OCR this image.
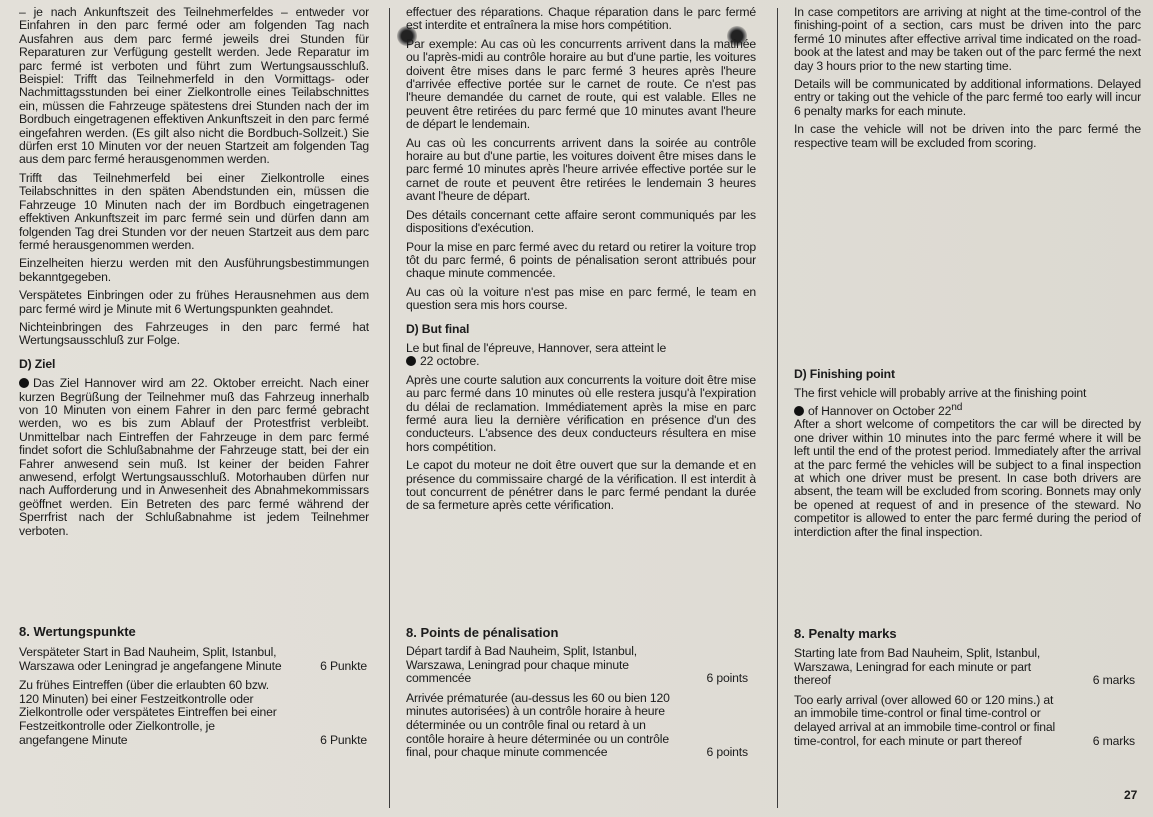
– je nach Ankunftszeit des Teilnehmerfeldes – entweder vor Einfahren in den parc fermé oder am folgenden Tag nach Ausfahren aus dem parc fermé jeweils drei Stunden für Reparaturen zur Verfügung gestellt werden. Jede Reparatur im parc fermé ist verboten und führt zum Wertungsausschluß. Beispiel: Trifft das Teilnehmerfeld in den Vormittags- oder Nachmittagsstunden bei einer Zielkontrolle eines Teilabschnittes ein, müssen die Fahrzeuge spätestens drei Stunden nach der im Bordbuch eingetragenen effektiven Ankunftszeit in den parc fermé eingefahren werden. (Es gilt also nicht die Bordbuch-Sollzeit.) Sie dürfen erst 10 Minuten vor der neuen Startzeit am folgenden Tag aus dem parc fermé herausgenommen werden.

Trifft das Teilnehmerfeld bei einer Zielkontrolle eines Teilabschnittes in den späten Abendstunden ein, müssen die Fahrzeuge 10 Minuten nach der im Bordbuch eingetragenen effektiven Ankunftszeit im parc fermé sein und dürfen dann am folgenden Tag drei Stunden vor der neuen Startzeit aus dem parc fermé herausgenommen werden.

Einzelheiten hierzu werden mit den Ausführungsbestimmungen bekanntgegeben.

Verspätetes Einbringen oder zu frühes Herausnehmen aus dem parc fermé wird je Minute mit 6 Wertungspunkten geahndet.

Nichteinbringen des Fahrzeuges in den parc fermé hat Wertungsausschluß zur Folge.

D) Ziel

Das Ziel Hannover wird am 22. Oktober erreicht. Nach einer kurzen Begrüßung der Teilnehmer muß das Fahrzeug innerhalb von 10 Minuten von einem Fahrer in den parc fermé gebracht werden, wo es bis zum Ablauf der Protestfrist verbleibt. Unmittelbar nach Eintreffen der Fahrzeuge in dem parc fermé findet sofort die Schlußabnahme der Fahrzeuge statt, bei der ein Fahrer anwesend sein muß. Ist keiner der beiden Fahrer anwesend, erfolgt Wertungsausschluß. Motorhauben dürfen nur nach Aufforderung und in Anwesenheit des Abnahmekommissars geöffnet werden. Ein Betreten des parc fermé während der Sperrfrist nach der Schlußabnahme ist jedem Teilnehmer verboten.

effectuer des réparations. Chaque réparation dans le parc fermé est interdite et entraînera la mise hors compétition.

Par exemple: Au cas où les concurrents arrivent dans la matinée ou l'après-midi au contrôle horaire au but d'une partie, les voitures doivent être mises dans le parc fermé 3 heures après l'heure d'arrivée effective portée sur le carnet de route. Ce n'est pas l'heure demandée du carnet de route, qui est valable. Elles ne peuvent être retirées du parc fermé que 10 minutes avant l'heure de départ le lendemain.

Au cas où les concurrents arrivent dans la soirée au contrôle horaire au but d'une partie, les voitures doivent être mises dans le parc fermé 10 minutes après l'heure arrivée effective portée sur le carnet de route et peuvent être retirées le lendemain 3 heures avant l'heure de départ.

Des détails concernant cette affaire seront communiqués par les dispositions d'exécution.

Pour la mise en parc fermé avec du retard ou retirer la voiture trop tôt du parc fermé, 6 points de pénalisation seront attribués pour chaque minute commencée.

Au cas où la voiture n'est pas mise en parc fermé, le team en question sera mis hors course.

D) But final

Le but final de l'épreuve, Hannover, sera atteint le
22 octobre.

Après une courte salution aux concurrents la voiture doit être mise au parc fermé dans 10 minutes où elle restera jusqu'à l'expiration du délai de reclamation. Immédiatement après la mise en parc fermé aura lieu la dernière vérification en présence d'un des conducteurs. L'absence des deux conducteurs résultera en mise hors compétition.

Le capot du moteur ne doit être ouvert que sur la demande et en présence du commissaire chargé de la vérification. Il est interdit à tout concurrent de pénétrer dans le parc fermé pendant la durée de sa fermeture après cette vérification.

In case competitors are arriving at night at the time-control of the finishing-point of a section, cars must be driven into the parc fermé 10 minutes after effective arrival time indicated on the road-book at the latest and may be taken out of the parc fermé the next day 3 hours prior to the new starting time.

Details will be communicated by additional informations. Delayed entry or taking out the vehicle of the parc fermé too early will incur 6 penalty marks for each minute.

In case the vehicle will not be driven into the parc fermé the respective team will be excluded from scoring.

D) Finishing point

The first vehicle will probably arrive at the finishing point
of Hannover on October 22nd
After a short welcome of competitors the car will be directed by one driver within 10 minutes into the parc fermé where it will be left until the end of the protest period. Immediately after the arrival at the parc fermé the vehicles will be subject to a final inspection at which one driver must be present. In case both drivers are absent, the team will be excluded from scoring. Bonnets may only be opened at request of and in presence of the steward. No competitor is allowed to enter the parc fermé during the period of interdiction after the final inspection.

8. Wertungspunkte	8. Points de pénalisation	8. Penalty marks
Verspäteter Start in Bad Nauheim, Split, Istanbul, Warszawa oder Leningrad je angefangene Minute	6 Punkte
Zu frühes Eintreffen (über die erlaubten 60 bzw. 120 Minuten) bei einer Festzeitkontrolle oder Zielkontrolle oder verspätetes Eintreffen bei einer Festzeitkontrolle oder Zielkontrolle, je angefangene Minute	6 Punkte
Départ tardif à Bad Nauheim, Split, Istanbul, Warszawa, Leningrad pour chaque minute commencée	6 points
Arrivée prématurée (au-dessus les 60 ou bien 120 minutes autorisées) à un contrôle horaire à heure déterminée ou un contrôle final ou retard à un contôle horaire à heure déterminée ou un contrôle final, pour chaque minute commencée	6 points
Starting late from Bad Nauheim, Split, Istanbul, Warszawa, Leningrad for each minute or part thereof	6 marks
Too early arrival (over allowed 60 or 120 mins.) at an immobile time-control or final time-control or delayed arrival at an immobile time-control or final time-control, for each minute or part thereof	6 marks
27
